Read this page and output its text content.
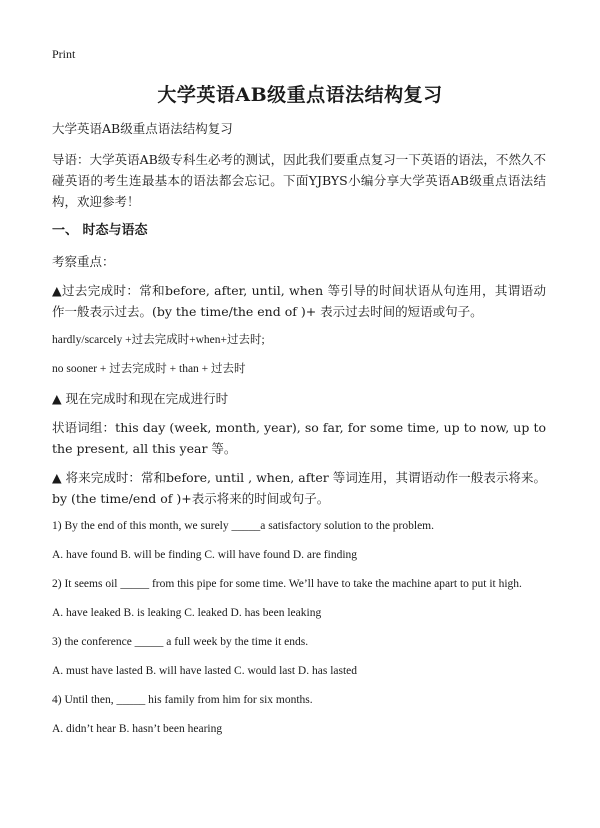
Print
大学英语AB级重点语法结构复习

大学英语AB级重点语法结构复习

导语：大学英语AB级专科生必考的测试，因此我们要重点复习一下英语的语法，不然久不碰英语的考生连最基本的语法都会忘记。下面YJBYS小编分享大学英语AB级重点语法结构，欢迎参考！

一、 时态与语态

考察重点：

▲过去完成时：常和before, after, until, when 等引导的时间状语从句连用，其谓语动作一般表示过去。(by the time/the end of )+ 表示过去时间的短语或句子。

hardly/scarcely +过去完成时+when+过去时;

no sooner + 过去完成时 + than + 过去时

▲ 现在完成时和现在完成进行时

状语词组：this day (week, month, year), so far, for some time, up to now, up to the present, all this year 等。

▲ 将来完成时：常和before, until , when, after 等词连用，其谓语动作一般表示将来。by (the time/end of )+表示将来的时间或句子。

1) By the end of this month, we surely _____a satisfactory solution to the problem.

A. have found B. will be finding C. will have found D. are finding

2) It seems oil _____ from this pipe for some time. We’ll have to take the machine apart to put it high.

A. have leaked B. is leaking C. leaked D. has been leaking

3) the conference _____ a full week by the time it ends.

A. must have lasted B. will have lasted C. would last D. has lasted

4) Until then, _____ his family from him for six months.

A. didn’t hear B. hasn’t been hearing
